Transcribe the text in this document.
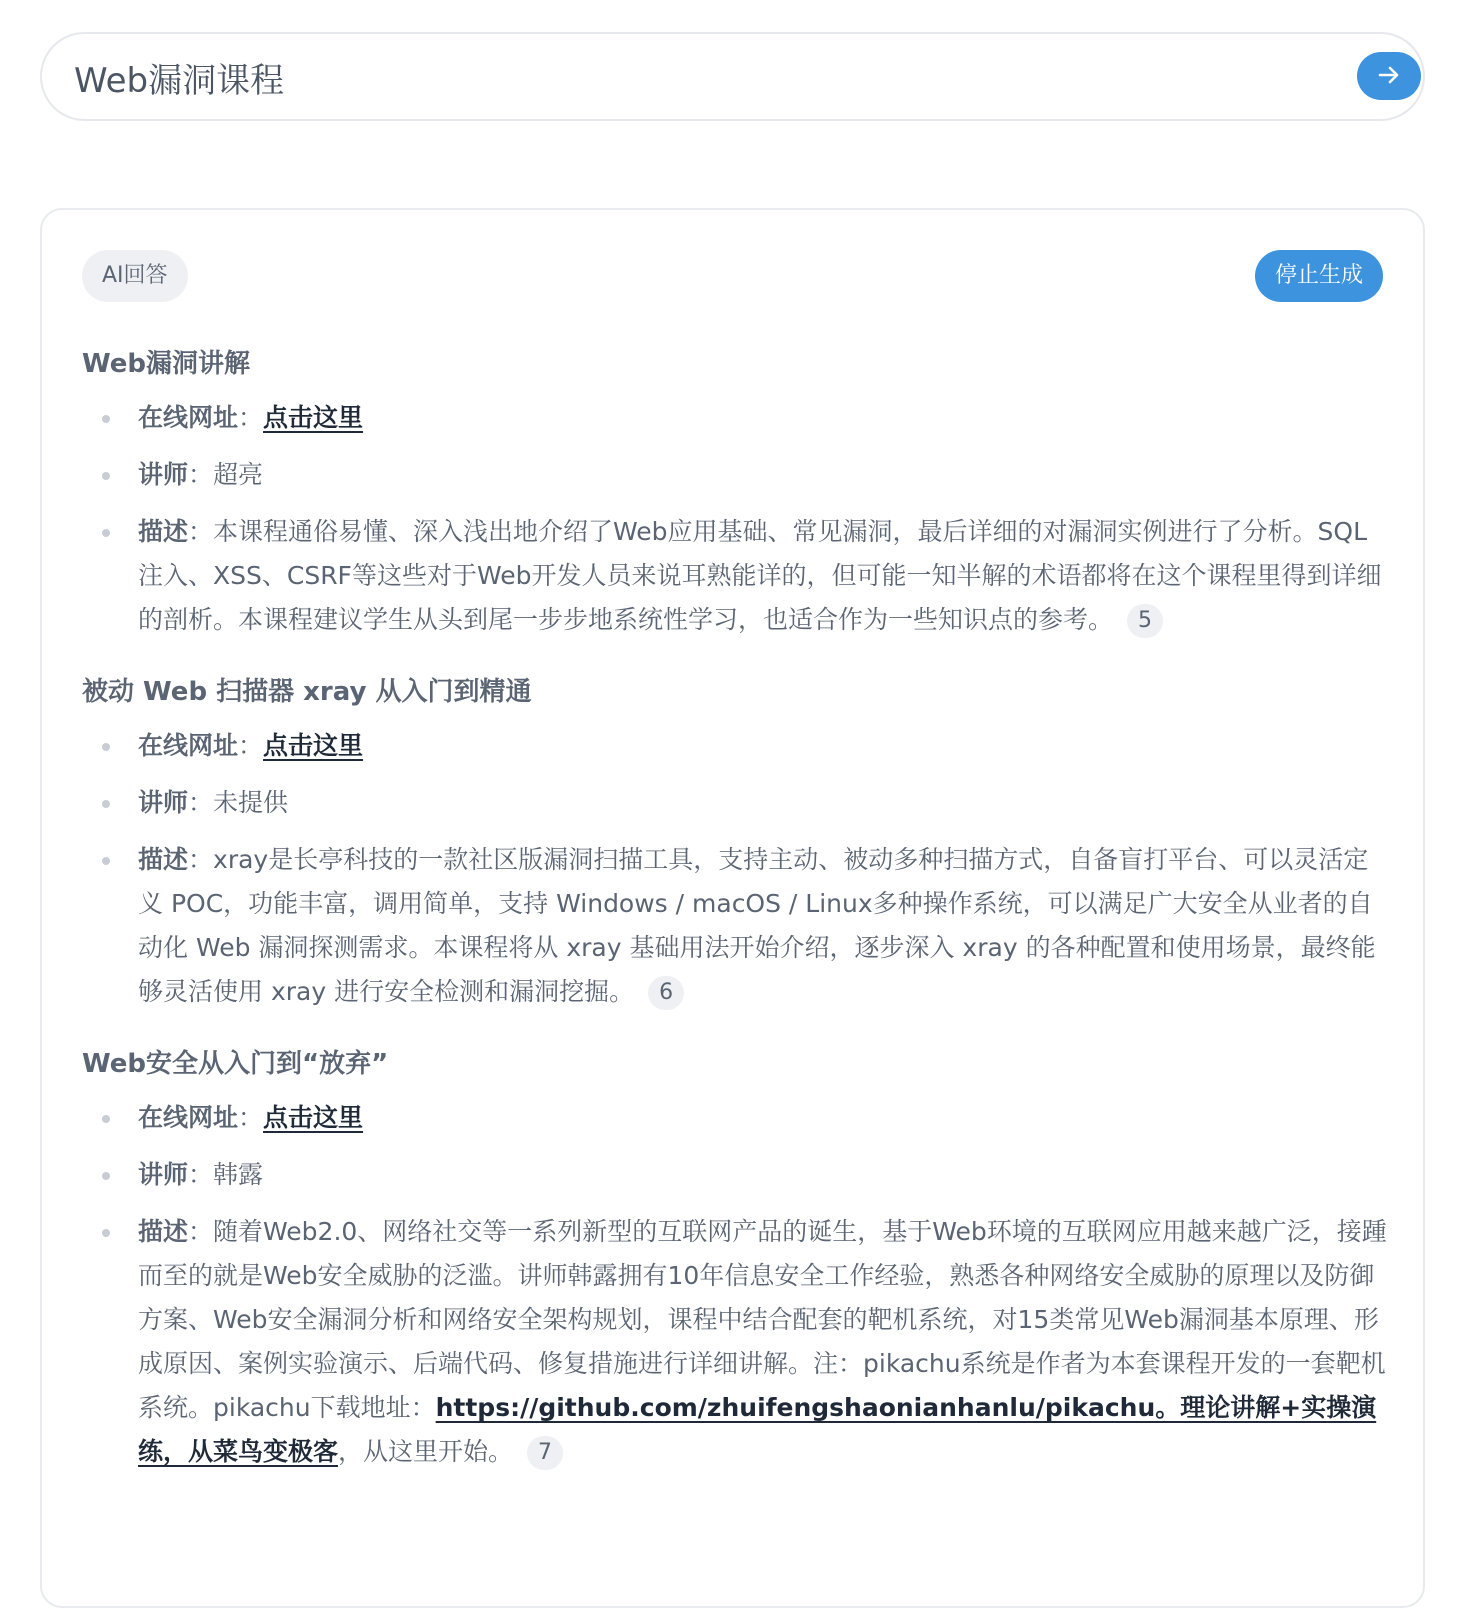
Web漏洞课程
AI回答	停止生成
Web漏洞讲解
在线网址：点击这里
讲师：超亮
描述：本课程通俗易懂、深入浅出地介绍了Web应用基础、常见漏洞，最后详细的对漏洞实例进行了分析。SQL注入、XSS、CSRF等这些对于Web开发人员来说耳熟能详的，但可能一知半解的术语都将在这个课程里得到详细的剖析。本课程建议学生从头到尾一步步地系统性学习，也适合作为一些知识点的参考。 5
被动 Web 扫描器 xray 从入门到精通
在线网址：点击这里
讲师：未提供
描述：xray是长亭科技的一款社区版漏洞扫描工具，支持主动、被动多种扫描方式，自备盲打平台、可以灵活定义 POC，功能丰富，调用简单，支持 Windows / macOS / Linux多种操作系统，可以满足广大安全从业者的自动化 Web 漏洞探测需求。本课程将从 xray 基础用法开始介绍，逐步深入 xray 的各种配置和使用场景，最终能够灵活使用 xray 进行安全检测和漏洞挖掘。 6
Web安全从入门到“放弃”
在线网址：点击这里
讲师：韩露
描述：随着Web2.0、网络社交等一系列新型的互联网产品的诞生，基于Web环境的互联网应用越来越广泛，接踵而至的就是Web安全威胁的泛滥。讲师韩露拥有10年信息安全工作经验，熟悉各种网络安全威胁的原理以及防御方案、Web安全漏洞分析和网络安全架构规划，课程中结合配套的靶机系统，对15类常见Web漏洞基本原理、形成原因、案例实验演示、后端代码、修复措施进行详细讲解。注：pikachu系统是作者为本套课程开发的一套靶机系统。pikachu下载地址：https://github.com/zhuifengshaonianhanlu/pikachu。理论讲解+实操演练，从菜鸟变极客，从这里开始。 7
